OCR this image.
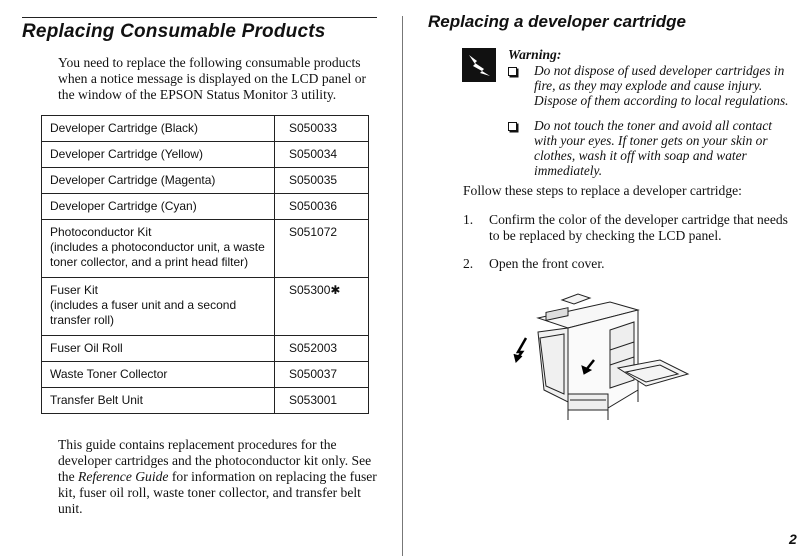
Replacing Consumable Products

You need to replace the following consumable products when a notice message is displayed on the LCD panel or the window of the EPSON Status Monitor 3 utility.

Developer Cartridge (Black)	S050033
Developer Cartridge (Yellow)	S050034
Developer Cartridge (Magenta)	S050035
Developer Cartridge (Cyan)	S050036

Photoconductor Kit
(includes a photoconductor unit, a waste toner collector, and a print head filter)	S051072

Fuser Kit
(includes a fuser unit and a second transfer roll)	S05300✱
Fuser Oil Roll	S052003
Waste Toner Collector	S050037
Transfer Belt Unit	S053001

This guide contains replacement procedures for the developer cartridges and the photoconductor kit only. See the Reference Guide for information on replacing the fuser kit, fuser oil roll, waste toner collector, and transfer belt unit.

Replacing a developer cartridge
Warning:
Do not dispose of used developer cartridges in fire, as they may explode and cause injury. Dispose of them according to local regulations.
Do not touch the toner and avoid all contact with your eyes. If toner gets on your skin or clothes, wash it off with soap and water immediately.
Follow these steps to replace a developer cartridge:
1. Confirm the color of the developer cartridge that needs to be replaced by checking the LCD panel.
2. Open the front cover.
2
